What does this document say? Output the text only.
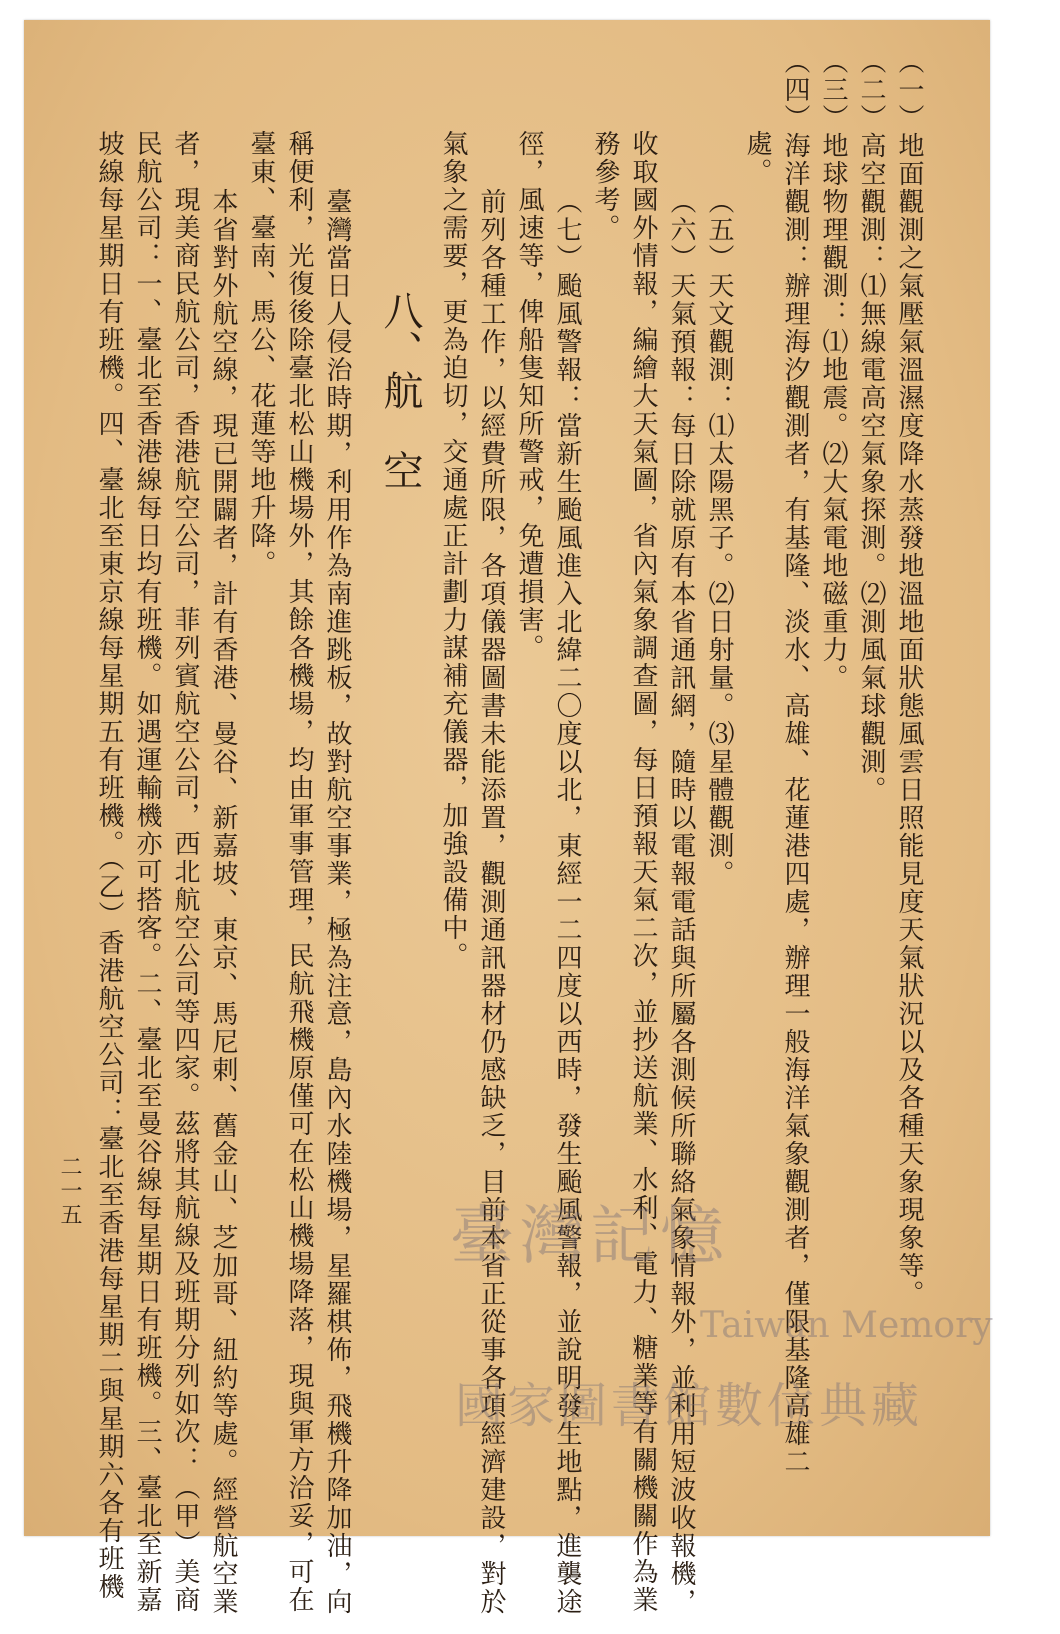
（一）地面觀測之氣壓氣溫濕度降水蒸發地溫地面狀態風雲日照能見度天氣狀況以及各種天象現象等。
（二）高空觀測：⑴無線電高空氣象探測。⑵測風氣球觀測。
（三）地球物理觀測：⑴地震。⑵大氣電地磁重力。
（四）海洋觀測：辦理海汐觀測者，有基隆、淡水、高雄、花蓮港四處，辦理一般海洋氣象觀測者，僅限基隆高雄二
處。
（五）天文觀測：⑴太陽黑子。⑵日射量。⑶星體觀測。
（六）天氣預報：每日除就原有本省通訊網，隨時以電報電話與所屬各測候所聯絡氣象情報外，並利用短波收報機，
收取國外情報，編繪大天氣圖，省內氣象調查圖，每日預報天氣二次，並抄送航業、水利、電力、糖業等有關機關作為業
務參考。
（七）颱風警報：當新生颱風進入北緯二〇度以北，東經一二四度以西時，發生颱風警報，並說明發生地點，進襲途
徑，風速等，俾船隻知所警戒，免遭損害。
前列各種工作，以經費所限，各項儀器圖書未能添置，觀測通訊器材仍感缺乏，目前本省正從事各項經濟建設，對於
氣象之需要，更為迫切，交通處正計劃力謀補充儀器，加強設備中。
八、航　空
臺灣當日人侵治時期，利用作為南進跳板，故對航空事業，極為注意，島內水陸機場，星羅棋佈，飛機升降加油，向
稱便利，光復後除臺北松山機場外，其餘各機場，均由軍事管理，民航飛機原僅可在松山機場降落，現與軍方洽妥，可在
臺東、臺南、馬公、花蓮等地升降。
本省對外航空線，現已開闢者，計有香港、曼谷、新嘉坡、東京、馬尼剌、舊金山、芝加哥、紐約等處。經營航空業
者，現美商民航公司，香港航空公司，菲列賓航空公司，西北航空公司等四家。茲將其航線及班期分列如次：（甲）美商
民航公司：一、臺北至香港線每日均有班機。如遇運輸機亦可搭客。二、臺北至曼谷線每星期日有班機。三、臺北至新嘉
坡線每星期日有班機。四、臺北至東京線每星期五有班機。（乙）香港航空公司：臺北至香港每星期二與星期六各有班機
二一五
臺灣記憶
Taiwan Memory
國家圖書館數位典藏
